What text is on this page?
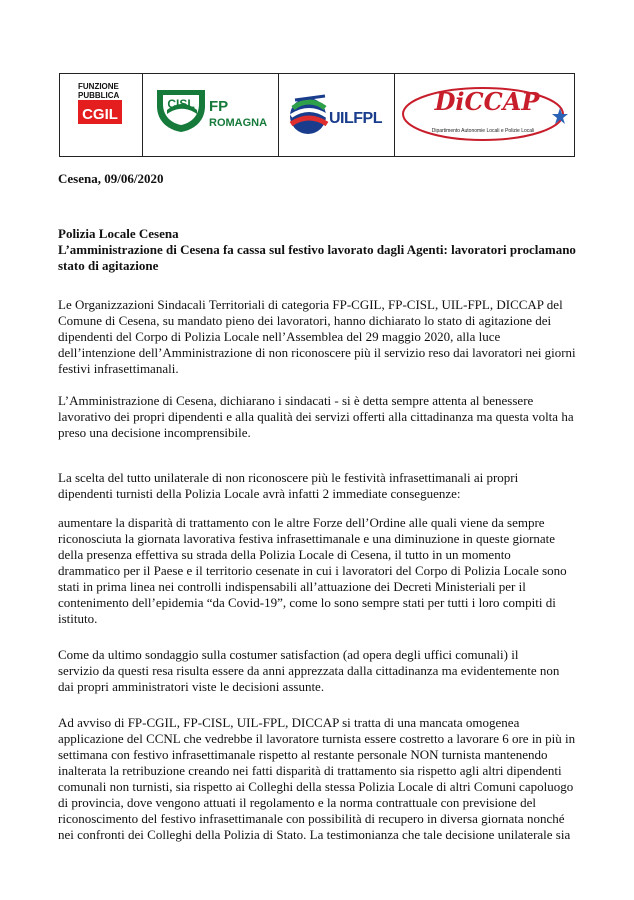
FUNZIONE
PUBBLICA
CGIL
CISL FP
ROMAGNA	UILFPL
DiCCAP
Dipartimento Autonomie Locali e Polizie Locali
Cesena, 09/06/2020
Polizia Locale Cesena
L’amministrazione di Cesena fa cassa sul festivo lavorato dagli Agenti: lavoratori proclamano
stato di agitazione
Le Organizzazioni Sindacali Territoriali di categoria FP-CGIL, FP-CISL, UIL-FPL, DICCAP del
Comune di Cesena, su mandato pieno dei lavoratori, hanno dichiarato lo stato di agitazione dei
dipendenti del Corpo di Polizia Locale nell’Assemblea del 29 maggio 2020, alla luce
dell’intenzione dell’Amministrazione di non riconoscere più il servizio reso dai lavoratori nei giorni
festivi infrasettimanali.
L’Amministrazione di Cesena, dichiarano i sindacati - si è detta sempre attenta al benessere
lavorativo dei propri dipendenti e alla qualità dei servizi offerti alla cittadinanza ma questa volta ha
preso una decisione incomprensibile.
La scelta del tutto unilaterale di non riconoscere più le festività infrasettimanali ai propri
dipendenti turnisti della Polizia Locale avrà infatti 2 immediate conseguenze:
aumentare la disparità di trattamento con le altre Forze dell’Ordine alle quali viene da sempre
riconosciuta la giornata lavorativa festiva infrasettimanale e una diminuzione in queste giornate
della presenza effettiva su strada della Polizia Locale di Cesena, il tutto in un momento
drammatico per il Paese e il territorio cesenate in cui i lavoratori del Corpo di Polizia Locale sono
stati in prima linea nei controlli indispensabili all’attuazione dei Decreti Ministeriali per il
contenimento dell’epidemia “da Covid-19”, come lo sono sempre stati per tutti i loro compiti di
istituto.
Come da ultimo sondaggio sulla costumer satisfaction (ad opera degli uffici comunali) il
servizio da questi resa risulta essere da anni apprezzata dalla cittadinanza ma evidentemente non
dai propri amministratori viste le decisioni assunte.
Ad avviso di FP-CGIL, FP-CISL, UIL-FPL, DICCAP si tratta di una mancata omogenea
applicazione del CCNL che vedrebbe il lavoratore turnista essere costretto a lavorare 6 ore in più in
settimana con festivo infrasettimanale rispetto al restante personale NON turnista mantenendo
inalterata la retribuzione creando nei fatti disparità di trattamento sia rispetto agli altri dipendenti
comunali non turnisti, sia rispetto ai Colleghi della stessa Polizia Locale di altri Comuni capoluogo
di provincia, dove vengono attuati il regolamento e la norma contrattuale con previsione del
riconoscimento del festivo infrasettimanale con possibilità di recupero in diversa giornata nonché
nei confronti dei Colleghi della Polizia di Stato. La testimonianza che tale decisione unilaterale sia
